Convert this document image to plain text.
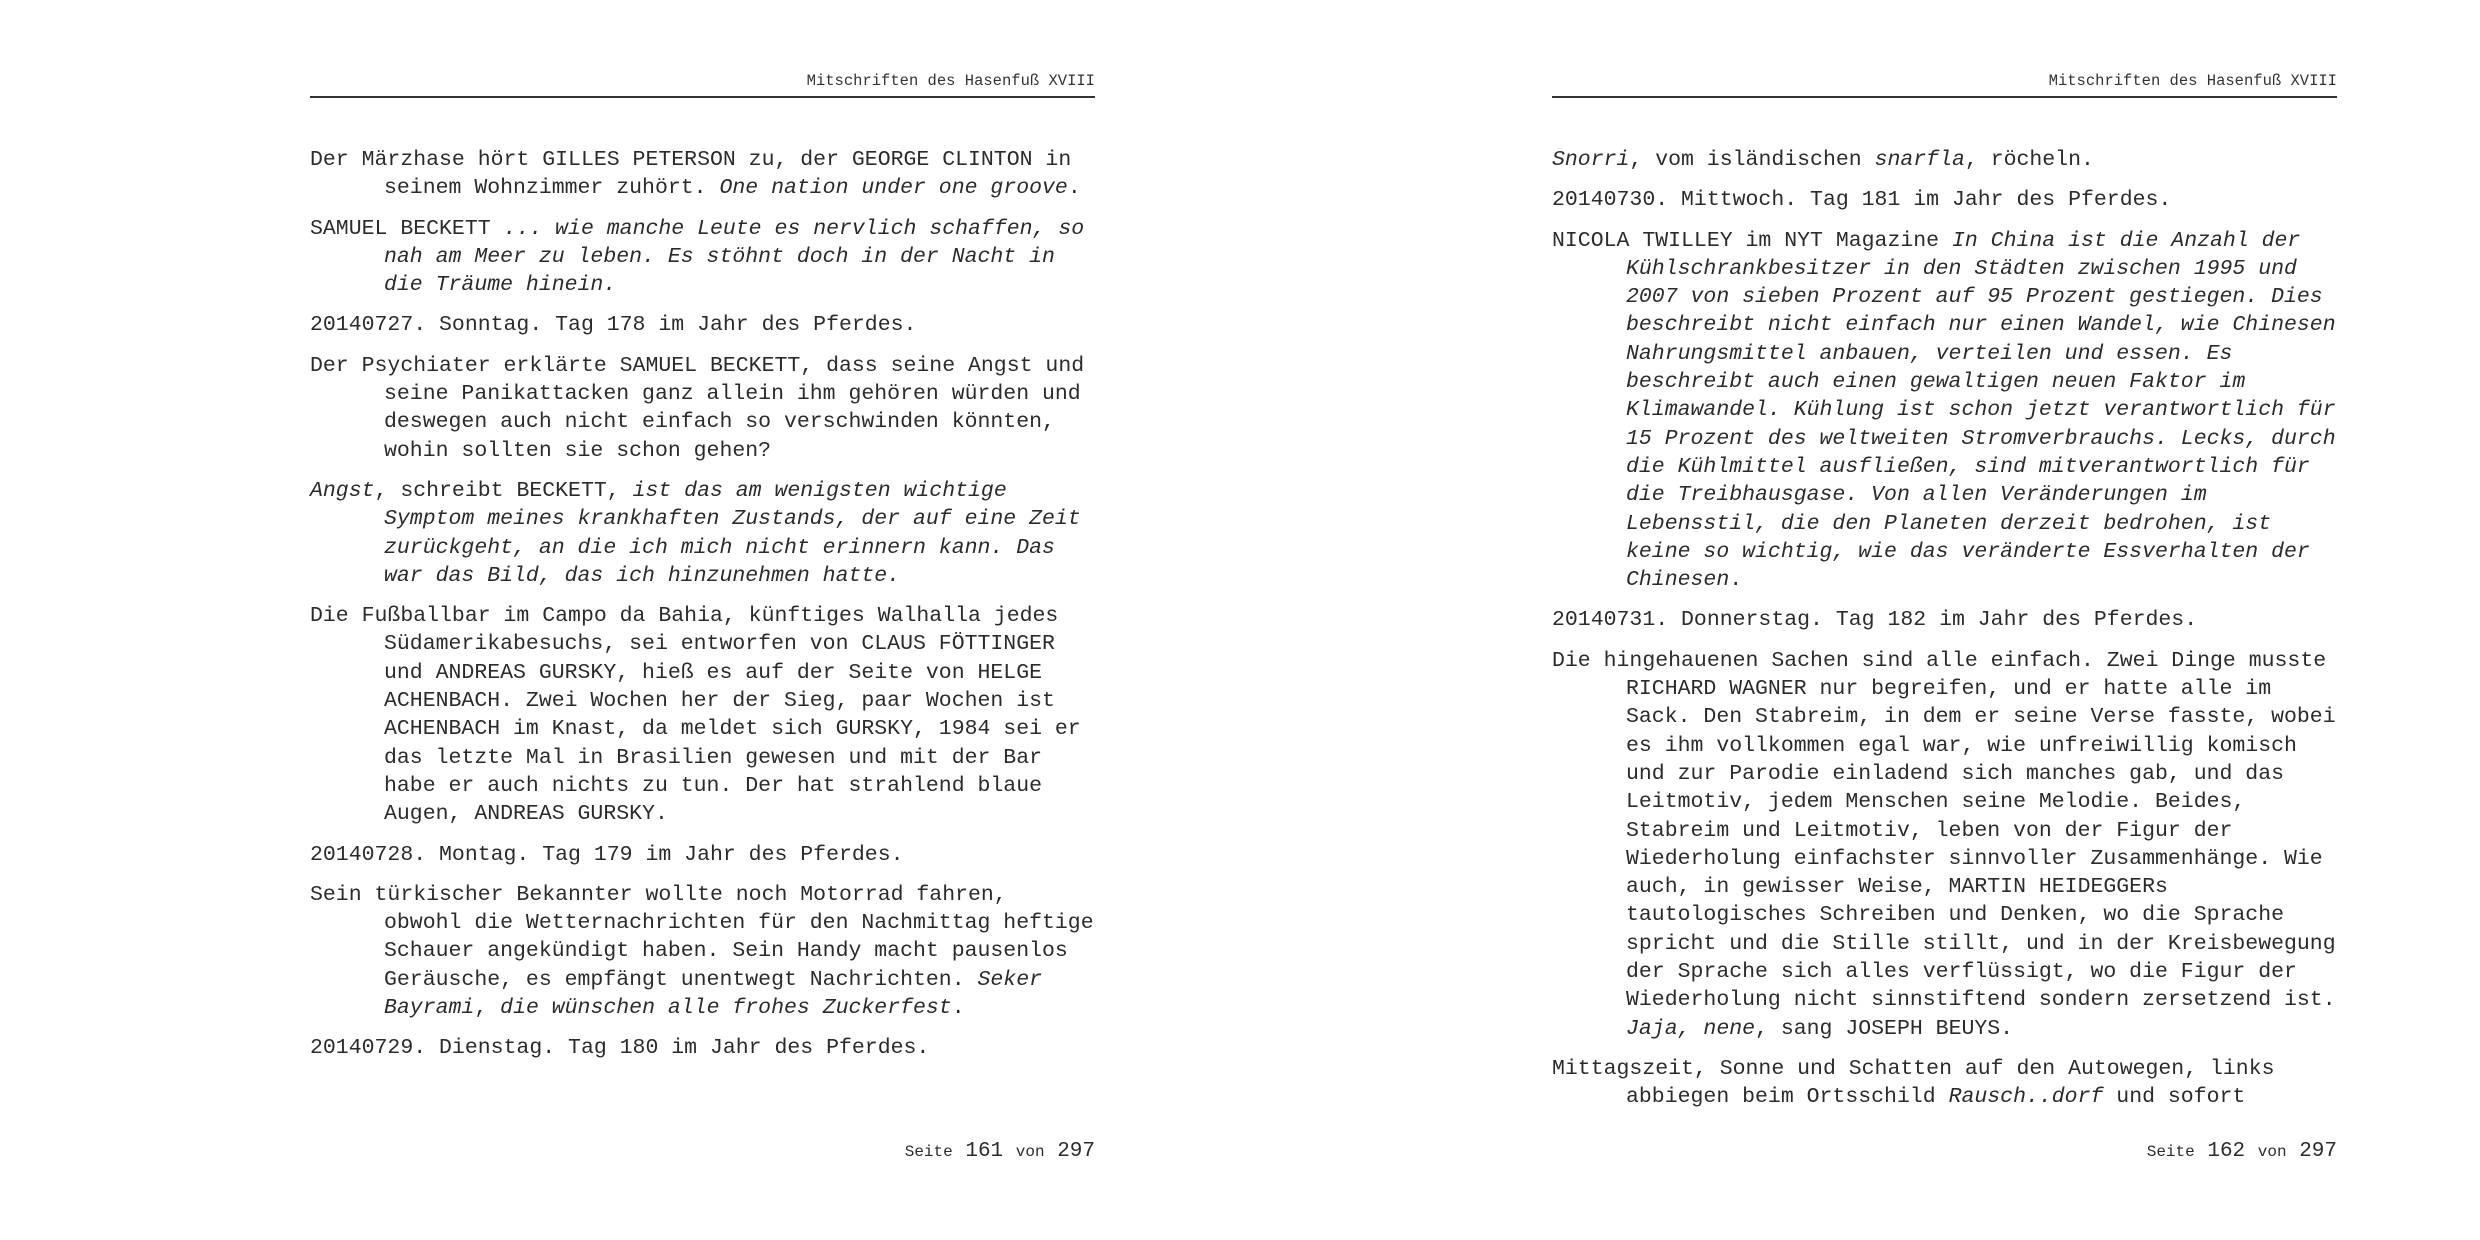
Mitschriften des Hasenfuß XVIII

Der Märzhase hört GILLES PETERSON zu, der GEORGE CLINTON in seinem Wohnzimmer zuhört. One nation under one groove.

SAMUEL BECKETT ... wie manche Leute es nervlich schaffen, so nah am Meer zu leben. Es stöhnt doch in der Nacht in die Träume hinein.

20140727. Sonntag. Tag 178 im Jahr des Pferdes.

Der Psychiater erklärte SAMUEL BECKETT, dass seine Angst und seine Panikattacken ganz allein ihm gehören würden und deswegen auch nicht einfach so verschwinden könnten, wohin sollten sie schon gehen?

Angst, schreibt BECKETT, ist das am wenigsten wichtige Symptom meines krankhaften Zustands, der auf eine Zeit zurückgeht, an die ich mich nicht erinnern kann. Das war das Bild, das ich hinzunehmen hatte.

Die Fußballbar im Campo da Bahia, künftiges Walhalla jedes Südamerikabesuchs, sei entworfen von CLAUS FÖTTINGER und ANDREAS GURSKY, hieß es auf der Seite von HELGE ACHENBACH. Zwei Wochen her der Sieg, paar Wochen ist ACHENBACH im Knast, da meldet sich GURSKY, 1984 sei er das letzte Mal in Brasilien gewesen und mit der Bar habe er auch nichts zu tun. Der hat strahlend blaue Augen, ANDREAS GURSKY.

20140728. Montag. Tag 179 im Jahr des Pferdes.

Sein türkischer Bekannter wollte noch Motorrad fahren, obwohl die Wetternachrichten für den Nachmittag heftige Schauer angekündigt haben. Sein Handy macht pausenlos Geräusche, es empfängt unentwegt Nachrichten. Seker Bayrami, die wünschen alle frohes Zuckerfest.

20140729. Dienstag. Tag 180 im Jahr des Pferdes.

Seite 161 von 297
Mitschriften des Hasenfuß XVIII

Snorri, vom isländischen snarfla, röcheln.

20140730. Mittwoch. Tag 181 im Jahr des Pferdes.

NICOLA TWILLEY im NYT Magazine In China ist die Anzahl der Kühlschrankbesitzer in den Städten zwischen 1995 und 2007 von sieben Prozent auf 95 Prozent gestiegen. Dies beschreibt nicht einfach nur einen Wandel, wie Chinesen Nahrungsmittel anbauen, verteilen und essen. Es beschreibt auch einen gewaltigen neuen Faktor im Klimawandel. Kühlung ist schon jetzt verantwortlich für 15 Prozent des weltweiten Stromverbrauchs. Lecks, durch die Kühlmittel ausfließen, sind mitverantwortlich für die Treibhausgase. Von allen Veränderungen im Lebensstil, die den Planeten derzeit bedrohen, ist keine so wichtig, wie das veränderte Essverhalten der Chinesen.

20140731. Donnerstag. Tag 182 im Jahr des Pferdes.

Die hingehauenen Sachen sind alle einfach. Zwei Dinge musste RICHARD WAGNER nur begreifen, und er hatte alle im Sack. Den Stabreim, in dem er seine Verse fasste, wobei es ihm vollkommen egal war, wie unfreiwillig komisch und zur Parodie einladend sich manches gab, und das Leitmotiv, jedem Menschen seine Melodie. Beides, Stabreim und Leitmotiv, leben von der Figur der Wiederholung einfachster sinnvoller Zusammenhänge. Wie auch, in gewisser Weise, MARTIN HEIDEGGERs tautologisches Schreiben und Denken, wo die Sprache spricht und die Stille stillt, und in der Kreisbewegung der Sprache sich alles verflüssigt, wo die Figur der Wiederholung nicht sinnstiftend sondern zersetzend ist. Jaja, nene, sang JOSEPH BEUYS.

Mittagszeit, Sonne und Schatten auf den Autowegen, links abbiegen beim Ortsschild Rausch..dorf und sofort

Seite 162 von 297
